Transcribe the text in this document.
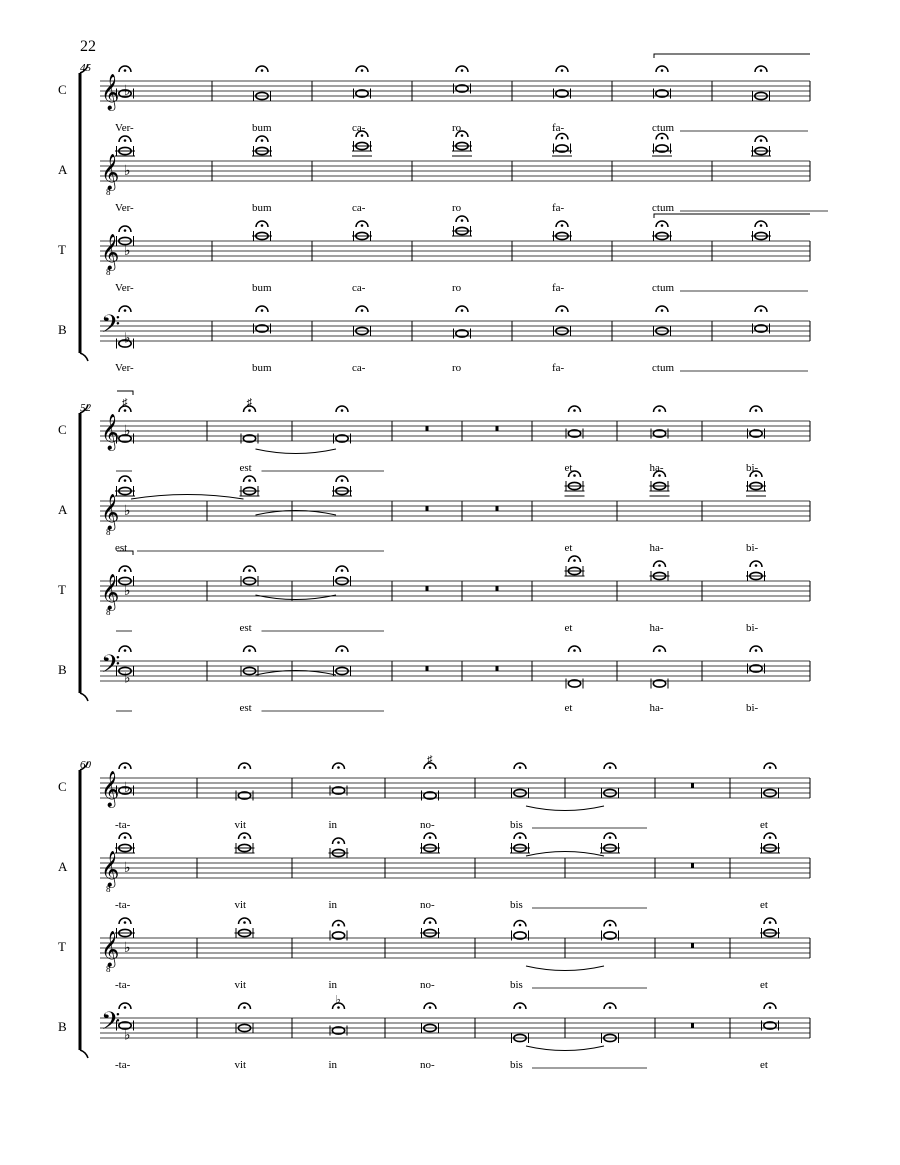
22
45
C 𝄞 ♭
Ver-	bum	ca-	ro	fa-	ctum
A 𝄞
8
♭
Ver-	bum	ca-	ro	fa-	ctum
T 𝄞
8
♭
Ver-	bum	ca-	ro	fa-	ctum
B 𝄢 ♭
Ver-	bum	ca-	ro	fa-	ctum
52
C 𝄞 ♭
♯	♯
est	et	ha-	bi-
A 𝄞
8
♭
est	et	ha-	bi-
T 𝄞
8
♭
est	et	ha-	bi-
B 𝄢 ♭
est	et	ha-	bi-
60
C 𝄞 ♭
♯
-ta-	vit	in	no-	bis	et
A 𝄞
8
♭
-ta-	vit	in	no-	bis	et
T 𝄞
8
♭
-ta-	vit	in	no-	bis	et
B 𝄢 ♭
♭
-ta-	vit	in	no-	bis	et
